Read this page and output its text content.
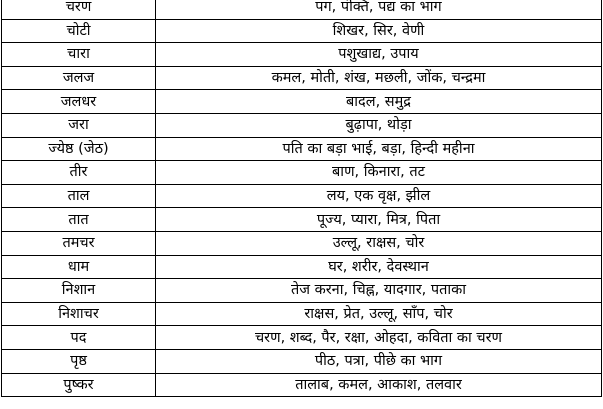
चरण	पग, पंक्ति, पद्य का भाग
चोटी	शिखर, सिर, वेणी
चारा	पशुखाद्य, उपाय
जलज	कमल, मोती, शंख, मछली, जोंक, चन्द्रमा
जलधर	बादल, समुद्र
जरा	बुढ़ापा, थोड़ा
ज्येष्ठ (जेठ)	पति का बड़ा भाई, बड़ा, हिन्दी महीना
तीर	बाण, किनारा, तट
ताल	लय, एक वृक्ष, झील
तात	पूज्य, प्यारा, मित्र, पिता
तमचर	उल्लू, राक्षस, चोर
धाम	घर, शरीर, देवस्थान
निशान	तेज करना, चिह्न, यादगार, पताका
निशाचर	राक्षस, प्रेत, उल्लू, साँप, चोर
पद	चरण, शब्द, पैर, रक्षा, ओहदा, कविता का चरण
पृष्ठ	पीठ, पत्रा, पीछे का भाग
पुष्कर	तालाब, कमल, आकाश, तलवार
